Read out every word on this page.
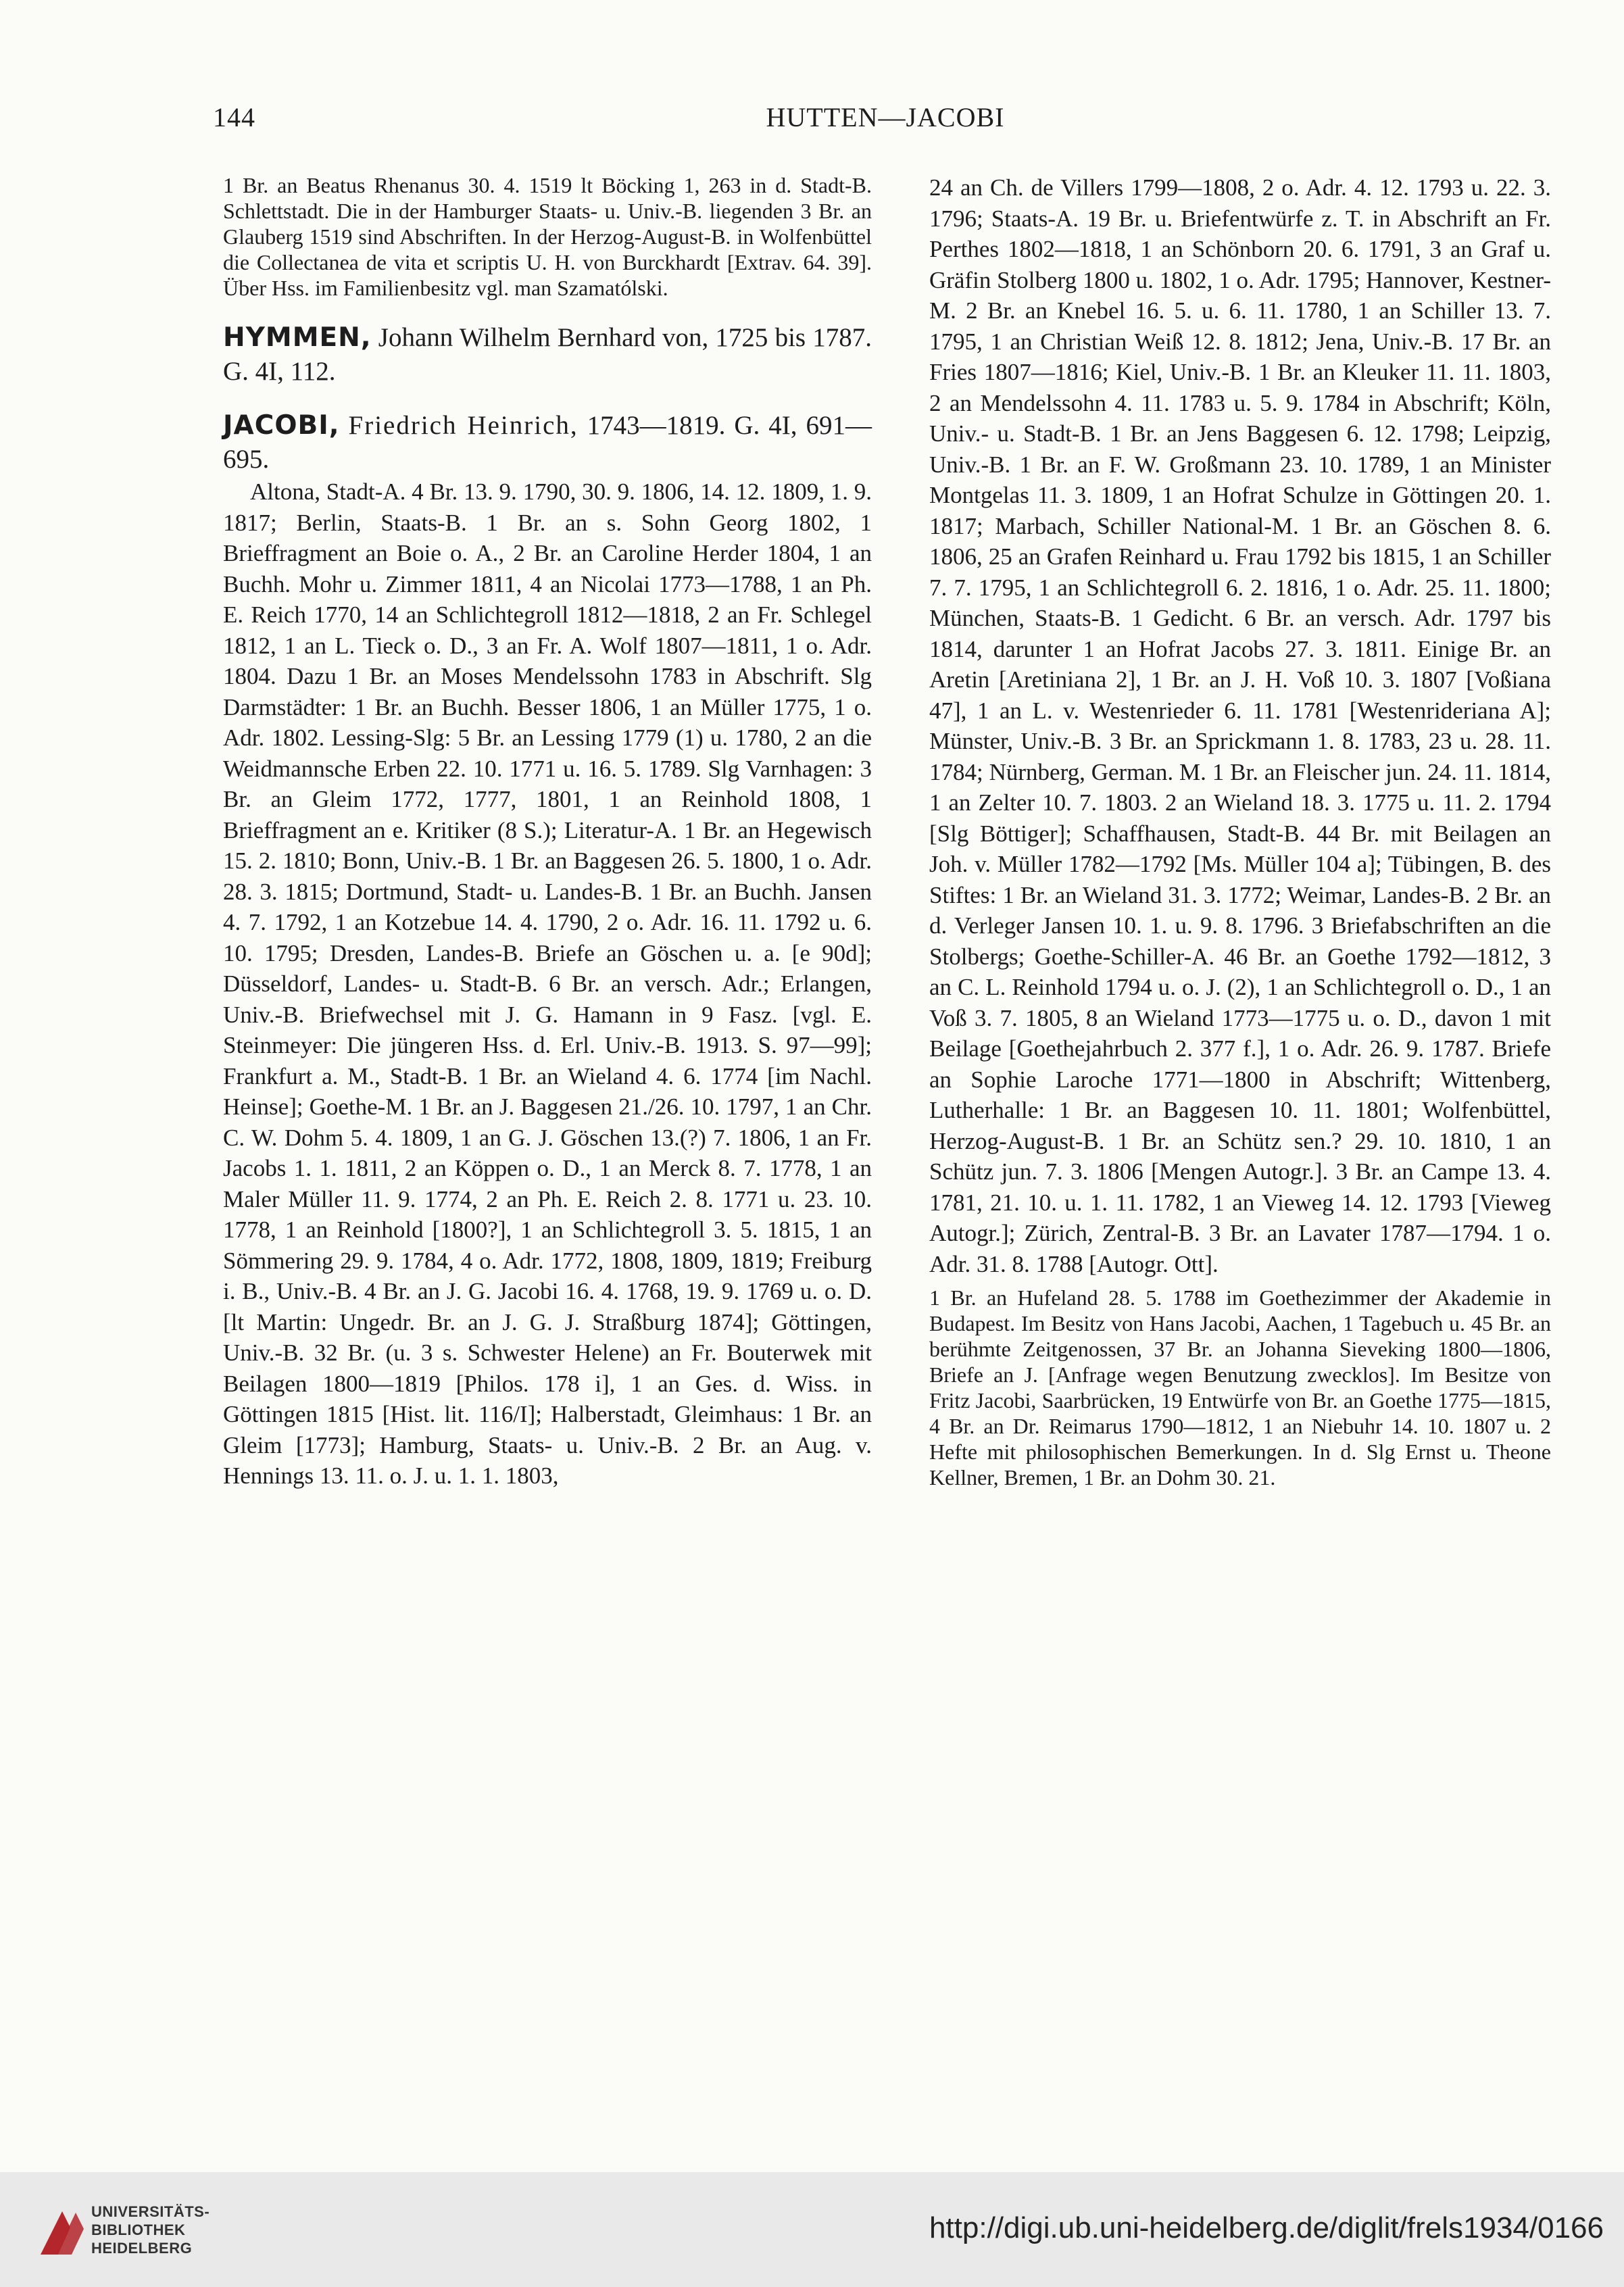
144	HUTTEN—JACOBI

1 Br. an Beatus Rhenanus 30. 4. 1519 lt Böcking 1, 263 in d. Stadt-B. Schlettstadt. Die in der Hamburger Staats- u. Univ.-B. liegenden 3 Br. an Glauberg 1519 sind Abschriften. In der Herzog-August-B. in Wolfenbüttel die Collectanea de vita et scriptis U. H. von Burckhardt [Extrav. 64. 39]. Über Hss. im Familienbesitz vgl. man Szamatólski.

HYMMEN, Johann Wilhelm Bernhard von, 1725 bis 1787. G. 4I, 112.

JACOBI, Friedrich Heinrich, 1743—1819. G. 4I, 691—695.

Altona, Stadt-A. 4 Br. 13. 9. 1790, 30. 9. 1806, 14. 12. 1809, 1. 9. 1817; Berlin, Staats-B. 1 Br. an s. Sohn Georg 1802, 1 Brieffragment an Boie o. A., 2 Br. an Caroline Herder 1804, 1 an Buchh. Mohr u. Zimmer 1811, 4 an Nicolai 1773—1788, 1 an Ph. E. Reich 1770, 14 an Schlichtegroll 1812—1818, 2 an Fr. Schlegel 1812, 1 an L. Tieck o. D., 3 an Fr. A. Wolf 1807—1811, 1 o. Adr. 1804. Dazu 1 Br. an Moses Mendelssohn 1783 in Abschrift. Slg Darmstädter: 1 Br. an Buchh. Besser 1806, 1 an Müller 1775, 1 o. Adr. 1802. Lessing-Slg: 5 Br. an Lessing 1779 (1) u. 1780, 2 an die Weidmannsche Erben 22. 10. 1771 u. 16. 5. 1789. Slg Varnhagen: 3 Br. an Gleim 1772, 1777, 1801, 1 an Reinhold 1808, 1 Brieffragment an e. Kritiker (8 S.); Literatur-A. 1 Br. an Hegewisch 15. 2. 1810; Bonn, Univ.-B. 1 Br. an Baggesen 26. 5. 1800, 1 o. Adr. 28. 3. 1815; Dortmund, Stadt- u. Landes-B. 1 Br. an Buchh. Jansen 4. 7. 1792, 1 an Kotzebue 14. 4. 1790, 2 o. Adr. 16. 11. 1792 u. 6. 10. 1795; Dresden, Landes-B. Briefe an Göschen u. a. [e 90d]; Düsseldorf, Landes- u. Stadt-B. 6 Br. an versch. Adr.; Erlangen, Univ.-B. Briefwechsel mit J. G. Hamann in 9 Fasz. [vgl. E. Steinmeyer: Die jüngeren Hss. d. Erl. Univ.-B. 1913. S. 97—99]; Frankfurt a. M., Stadt-B. 1 Br. an Wieland 4. 6. 1774 [im Nachl. Heinse]; Goethe-M. 1 Br. an J. Baggesen 21./26. 10. 1797, 1 an Chr. C. W. Dohm 5. 4. 1809, 1 an G. J. Göschen 13.(?) 7. 1806, 1 an Fr. Jacobs 1. 1. 1811, 2 an Köppen o. D., 1 an Merck 8. 7. 1778, 1 an Maler Müller 11. 9. 1774, 2 an Ph. E. Reich 2. 8. 1771 u. 23. 10. 1778, 1 an Reinhold [1800?], 1 an Schlichtegroll 3. 5. 1815, 1 an Sömmering 29. 9. 1784, 4 o. Adr. 1772, 1808, 1809, 1819; Freiburg i. B., Univ.-B. 4 Br. an J. G. Jacobi 16. 4. 1768, 19. 9. 1769 u. o. D. [lt Martin: Ungedr. Br. an J. G. J. Straßburg 1874]; Göttingen, Univ.-B. 32 Br. (u. 3 s. Schwester Helene) an Fr. Bouterwek mit Beilagen 1800—1819 [Philos. 178 i], 1 an Ges. d. Wiss. in Göttingen 1815 [Hist. lit. 116/I]; Halberstadt, Gleimhaus: 1 Br. an Gleim [1773]; Hamburg, Staats- u. Univ.-B. 2 Br. an Aug. v. Hennings 13. 11. o. J. u. 1. 1. 1803,

24 an Ch. de Villers 1799—1808, 2 o. Adr. 4. 12. 1793 u. 22. 3. 1796; Staats-A. 19 Br. u. Briefentwürfe z. T. in Abschrift an Fr. Perthes 1802—1818, 1 an Schönborn 20. 6. 1791, 3 an Graf u. Gräfin Stolberg 1800 u. 1802, 1 o. Adr. 1795; Hannover, Kestner-M. 2 Br. an Knebel 16. 5. u. 6. 11. 1780, 1 an Schiller 13. 7. 1795, 1 an Christian Weiß 12. 8. 1812; Jena, Univ.-B. 17 Br. an Fries 1807—1816; Kiel, Univ.-B. 1 Br. an Kleuker 11. 11. 1803, 2 an Mendelssohn 4. 11. 1783 u. 5. 9. 1784 in Abschrift; Köln, Univ.- u. Stadt-B. 1 Br. an Jens Baggesen 6. 12. 1798; Leipzig, Univ.-B. 1 Br. an F. W. Großmann 23. 10. 1789, 1 an Minister Montgelas 11. 3. 1809, 1 an Hofrat Schulze in Göttingen 20. 1. 1817; Marbach, Schiller National-M. 1 Br. an Göschen 8. 6. 1806, 25 an Grafen Reinhard u. Frau 1792 bis 1815, 1 an Schiller 7. 7. 1795, 1 an Schlichtegroll 6. 2. 1816, 1 o. Adr. 25. 11. 1800; München, Staats-B. 1 Gedicht. 6 Br. an versch. Adr. 1797 bis 1814, darunter 1 an Hofrat Jacobs 27. 3. 1811. Einige Br. an Aretin [Aretiniana 2], 1 Br. an J. H. Voß 10. 3. 1807 [Voßiana 47], 1 an L. v. Westenrieder 6. 11. 1781 [Westenrideriana A]; Münster, Univ.-B. 3 Br. an Sprickmann 1. 8. 1783, 23 u. 28. 11. 1784; Nürnberg, German. M. 1 Br. an Fleischer jun. 24. 11. 1814, 1 an Zelter 10. 7. 1803. 2 an Wieland 18. 3. 1775 u. 11. 2. 1794 [Slg Böttiger]; Schaffhausen, Stadt-B. 44 Br. mit Beilagen an Joh. v. Müller 1782—1792 [Ms. Müller 104 a]; Tübingen, B. des Stiftes: 1 Br. an Wieland 31. 3. 1772; Weimar, Landes-B. 2 Br. an d. Verleger Jansen 10. 1. u. 9. 8. 1796. 3 Briefabschriften an die Stolbergs; Goethe-Schiller-A. 46 Br. an Goethe 1792—1812, 3 an C. L. Reinhold 1794 u. o. J. (2), 1 an Schlichtegroll o. D., 1 an Voß 3. 7. 1805, 8 an Wieland 1773—1775 u. o. D., davon 1 mit Beilage [Goethejahrbuch 2. 377 f.], 1 o. Adr. 26. 9. 1787. Briefe an Sophie Laroche 1771—1800 in Abschrift; Wittenberg, Lutherhalle: 1 Br. an Baggesen 10. 11. 1801; Wolfenbüttel, Herzog-August-B. 1 Br. an Schütz sen.? 29. 10. 1810, 1 an Schütz jun. 7. 3. 1806 [Mengen Autogr.]. 3 Br. an Campe 13. 4. 1781, 21. 10. u. 1. 11. 1782, 1 an Vieweg 14. 12. 1793 [Vieweg Autogr.]; Zürich, Zentral-B. 3 Br. an Lavater 1787—1794. 1 o. Adr. 31. 8. 1788 [Autogr. Ott].

1 Br. an Hufeland 28. 5. 1788 im Goethezimmer der Akademie in Budapest. Im Besitz von Hans Jacobi, Aachen, 1 Tagebuch u. 45 Br. an berühmte Zeitgenossen, 37 Br. an Johanna Sieveking 1800—1806, Briefe an J. [Anfrage wegen Benutzung zwecklos]. Im Besitze von Fritz Jacobi, Saarbrücken, 19 Entwürfe von Br. an Goethe 1775—1815, 4 Br. an Dr. Reimarus 1790—1812, 1 an Niebuhr 14. 10. 1807 u. 2 Hefte mit philosophischen Bemerkungen. In d. Slg Ernst u. Theone Kellner, Bremen, 1 Br. an Dohm 30. 21.

UNIVERSITÄTS-
BIBLIOTHEK
HEIDELBERG
http://digi.ub.uni-heidelberg.de/diglit/frels1934/0166
